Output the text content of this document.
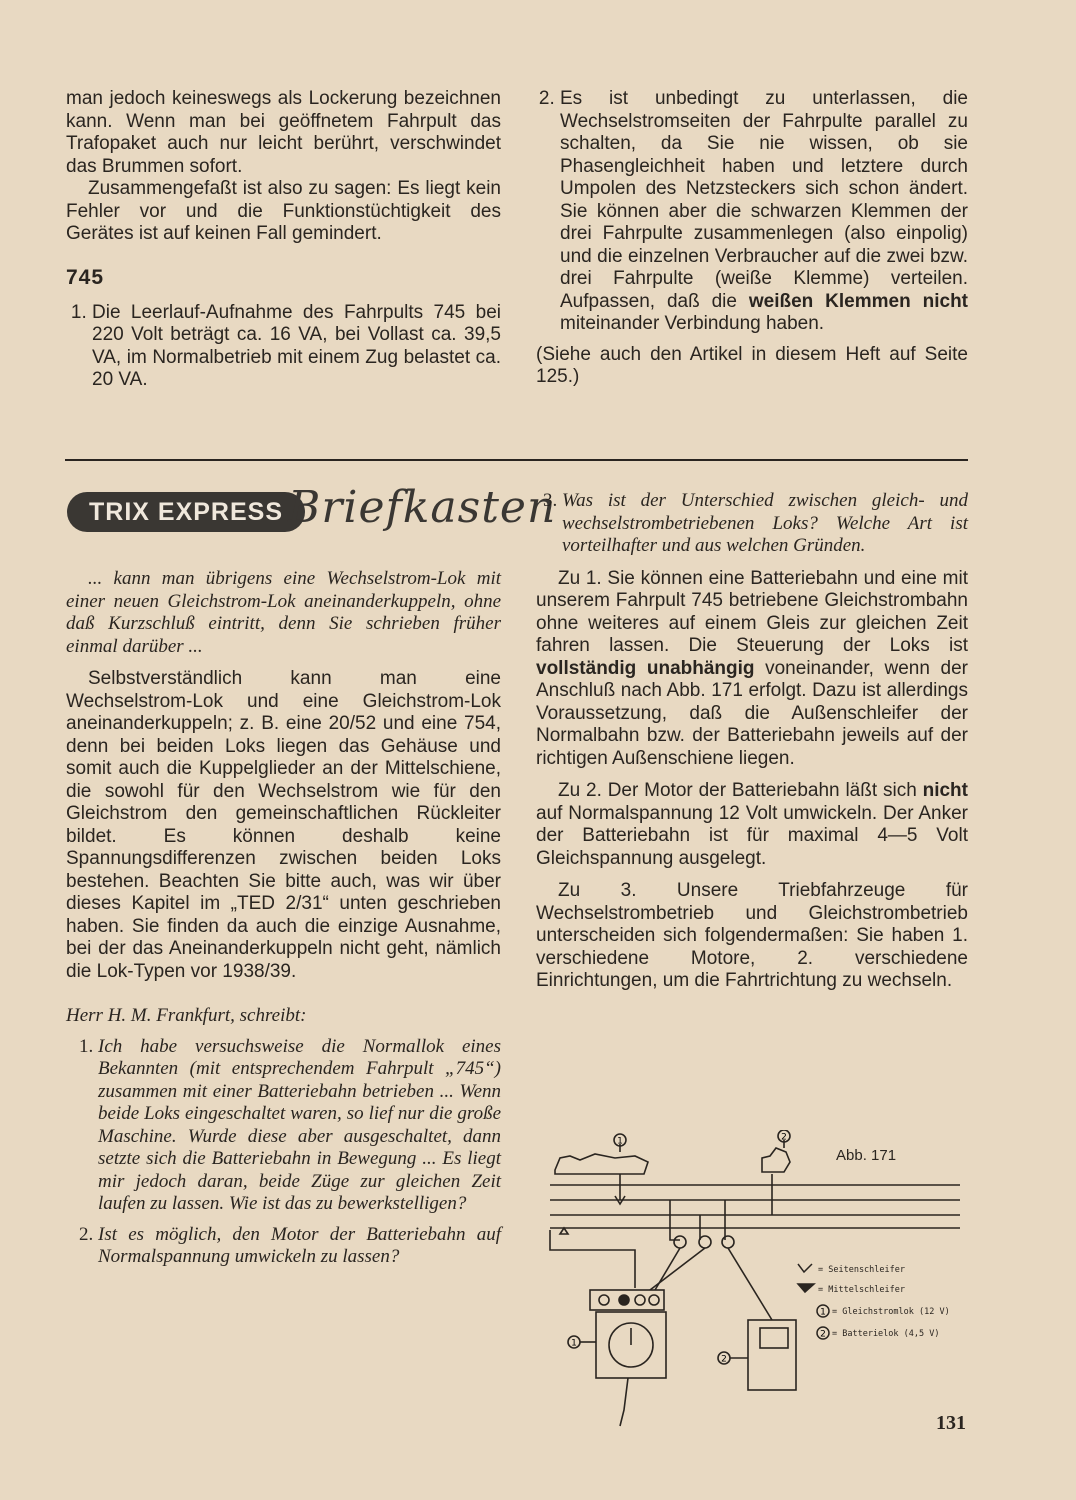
man jedoch keineswegs als Lockerung bezeichnen kann. Wenn man bei geöffnetem Fahrpult das Trafopaket auch nur leicht berührt, verschwindet das Brummen sofort.

Zusammengefaßt ist also zu sagen: Es liegt kein Fehler vor und die Funktionstüchtigkeit des Gerätes ist auf keinen Fall gemindert.

745
1. Die Leerlauf-Aufnahme des Fahrpults 745 bei 220 Volt beträgt ca. 16 VA, bei Vollast ca. 39,5 VA, im Normalbetrieb mit einem Zug belastet ca. 20 VA.
2. Es ist unbedingt zu unterlassen, die Wechselstromseiten der Fahrpulte parallel zu schalten, da Sie nie wissen, ob sie Phasengleichheit haben und letztere durch Umpolen des Netzsteckers sich schon ändert. Sie können aber die schwarzen Klemmen der drei Fahrpulte zusammenlegen (also einpolig) und die einzelnen Verbraucher auf die zwei bzw. drei Fahrpulte (weiße Klemme) verteilen. Aufpassen, daß die weißen Klemmen nicht miteinander Verbindung haben.

(Siehe auch den Artikel in diesem Heft auf Seite 125.)

TRIX EXPRESS Briefkasten

... kann man übrigens eine Wechselstrom-Lok mit einer neuen Gleichstrom-Lok aneinanderkuppeln, ohne daß Kurzschluß eintritt, denn Sie schrieben früher einmal darüber ...

Selbstverständlich kann man eine Wechselstrom-Lok und eine Gleichstrom-Lok aneinanderkuppeln; z. B. eine 20/52 und eine 754, denn bei beiden Loks liegen das Gehäuse und somit auch die Kuppelglieder an der Mittelschiene, die sowohl für den Wechselstrom wie für den Gleichstrom den gemeinschaftlichen Rückleiter bildet. Es können deshalb keine Spannungsdifferenzen zwischen beiden Loks bestehen. Beachten Sie bitte auch, was wir über dieses Kapitel im „TED 2/31“ unten geschrieben haben. Sie finden da auch die einzige Ausnahme, bei der das Aneinanderkuppeln nicht geht, nämlich die Lok-Typen vor 1938/39.

Herr H. M. Frankfurt, schreibt:

1. Ich habe versuchsweise die Normallok eines Bekannten (mit entsprechendem Fahrpult „745“) zusammen mit einer Batteriebahn betrieben ... Wenn beide Loks eingeschaltet waren, so lief nur die große Maschine. Wurde diese aber ausgeschaltet, dann setzte sich die Batteriebahn in Bewegung ... Es liegt mir jedoch daran, beide Züge zur gleichen Zeit laufen zu lassen. Wie ist das zu bewerkstelligen?
2. Ist es möglich, den Motor der Batteriebahn auf Normalspannung umwickeln zu lassen?
3. Was ist der Unterschied zwischen gleich- und wechselstrombetriebenen Loks? Welche Art ist vorteilhafter und aus welchen Gründen.

Zu 1. Sie können eine Batteriebahn und eine mit unserem Fahrpult 745 betriebene Gleichstrombahn ohne weiteres auf einem Gleis zur gleichen Zeit fahren lassen. Die Steuerung der Loks ist vollständig unabhängig voneinander, wenn der Anschluß nach Abb. 171 erfolgt. Dazu ist allerdings Voraussetzung, daß die Außenschleifer der Normalbahn bzw. der Batteriebahn jeweils auf der richtigen Außenschiene liegen.

Zu 2. Der Motor der Batteriebahn läßt sich nicht auf Normalspannung 12 Volt umwickeln. Der Anker der Batteriebahn ist für maximal 4—5 Volt Gleichspannung ausgelegt.

Zu 3. Unsere Triebfahrzeuge für Wechselstrombetrieb und Gleichstrombetrieb unterscheiden sich folgendermaßen: Sie haben 1. verschiedene Motore, 2. verschiedene Einrichtungen, um die Fahrtrichtung zu wechseln.

1	2
1
2
Abb. 171
= Seitenschleifer
= Mittelschleifer
= Gleichstromlok (12 V)
= Batterielok (4,5 V)
1
2
131
